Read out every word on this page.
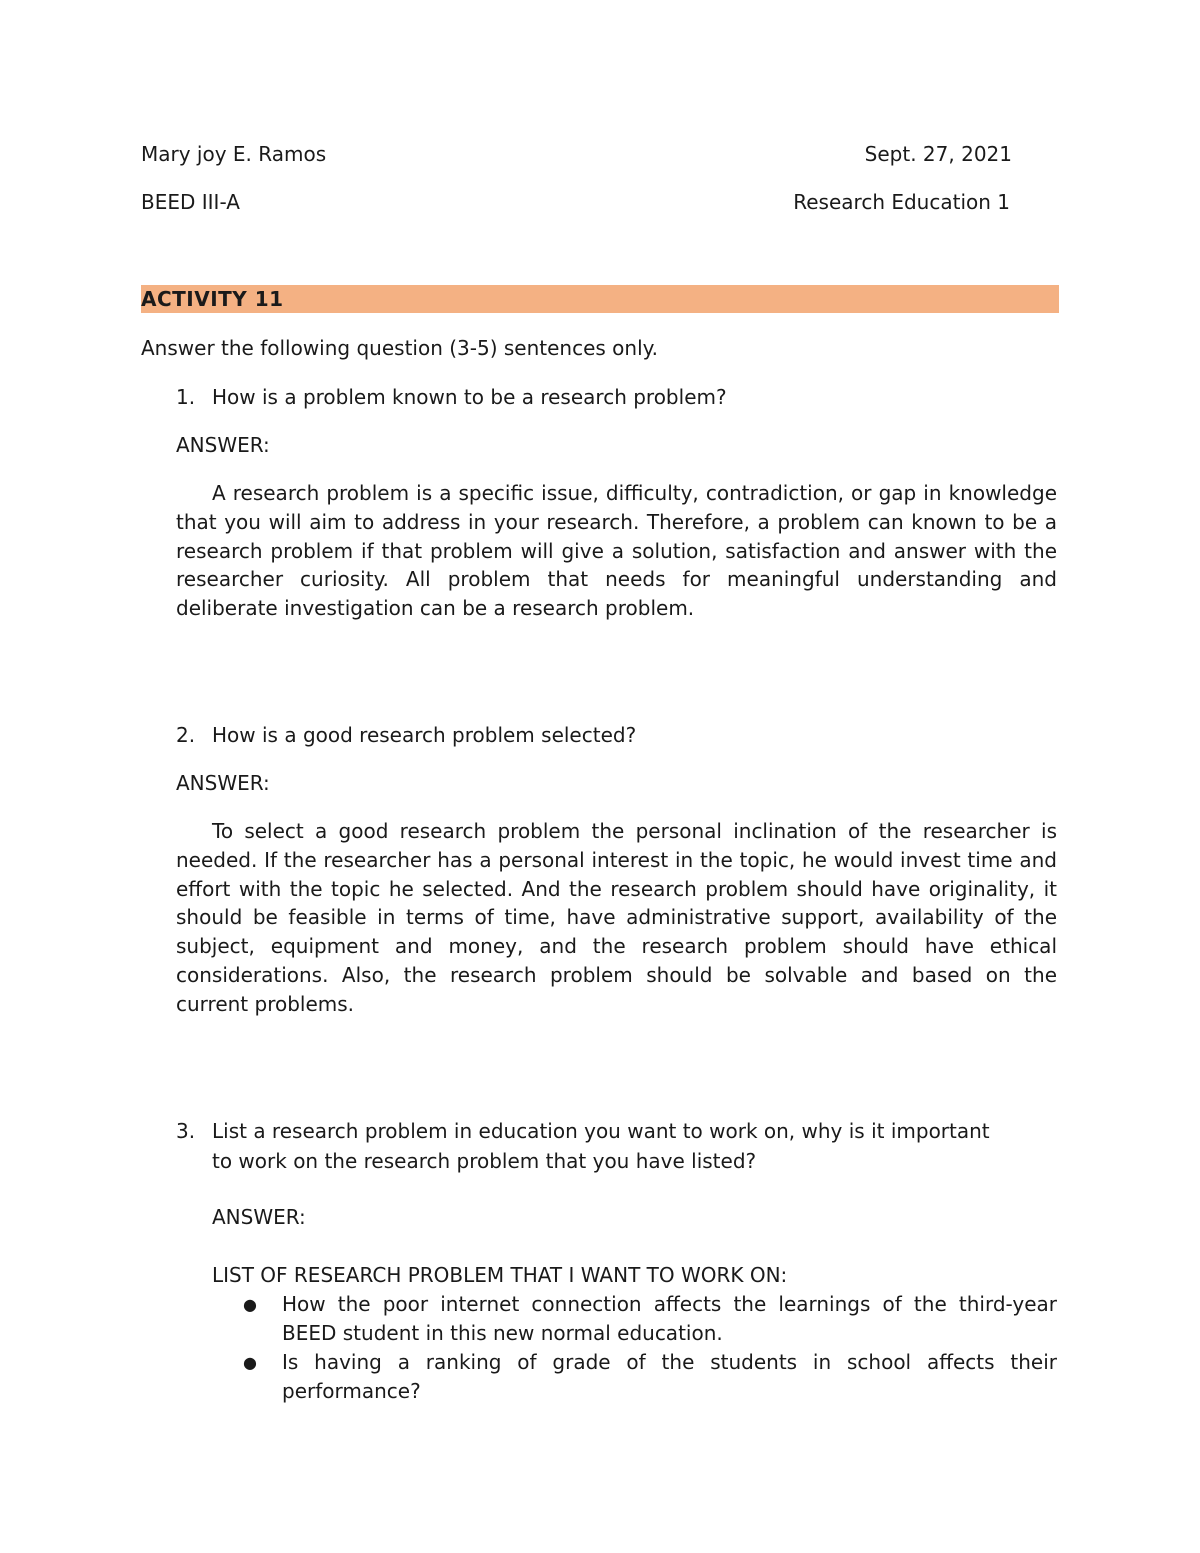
Mary joy E. Ramos	Sept. 27, 2021
BEED III-A	Research Education 1
ACTIVITY 11
Answer the following question (3-5) sentences only.
1. How is a problem known to be a research problem?
ANSWER:
A research problem is a specific issue, difficulty, contradiction, or gap in knowledge that you will aim to address in your research. Therefore, a problem can known to be a research problem if that problem will give a solution, satisfaction and answer with the researcher curiosity. All problem that needs for meaningful understanding and deliberate investigation can be a research problem.
2. How is a good research problem selected?
ANSWER:
To select a good research problem the personal inclination of the researcher is needed. If the researcher has a personal interest in the topic, he would invest time and effort with the topic he selected. And the research problem should have originality, it should be feasible in terms of time, have administrative support, availability of the subject, equipment and money, and the research problem should have ethical considerations. Also, the research problem should be solvable and based on the current problems.
3. List a research problem in education you want to work on, why is it important
to work on the research problem that you have listed?
ANSWER:
LIST OF RESEARCH PROBLEM THAT I WANT TO WORK ON:
● How the poor internet connection affects the learnings of the third-year BEED student in this new normal education.
● Is having a ranking of grade of the students in school affects their performance?
